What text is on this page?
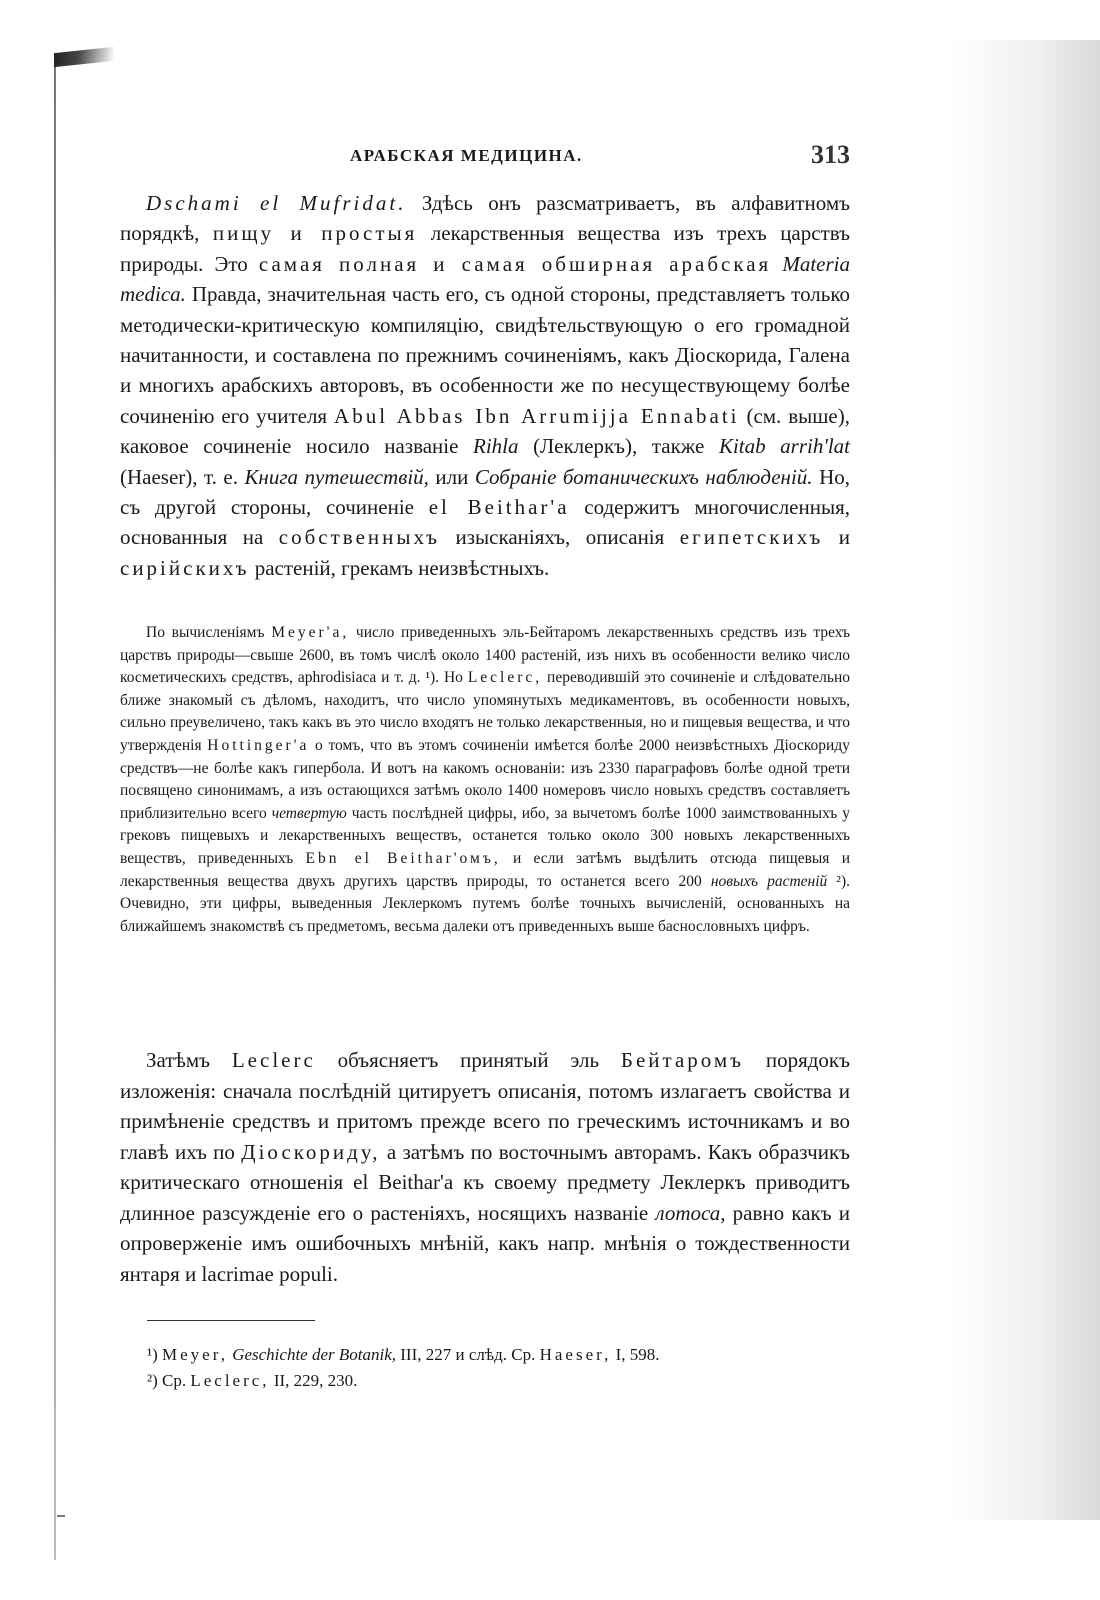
АРАБСКАЯ МЕДИЦИНА.	313

Dschami el Mufridat. Здѣсь онъ разсматриваетъ, въ алфавитномъ порядкѣ, пищу и простыя лекарственныя вещества изъ трехъ царствъ природы. Это самая полная и самая обширная арабская Materia medica. Правда, значительная часть его, съ одной стороны, представляетъ только методически-критическую компиляцію, свидѣтельствующую о его громадной начитанности, и составлена по прежнимъ сочиненіямъ, какъ Діоскорида, Галена и многихъ арабскихъ авторовъ, въ особенности же по несуществующему болѣе сочиненію его учителя Abul Abbas Ibn Arrumijja Ennabati (см. выше), каковое сочиненіе носило названіе Rihla (Леклеркъ), также Kitab arrih'lat (Haeser), т. е. Книга путешествій, или Собраніе ботаническихъ наблюденій. Но, съ другой стороны, сочиненіе el Beithar'a содержитъ многочисленныя, основанныя на собственныхъ изысканіяхъ, описанія египетскихъ и сирійскихъ растеній, грекамъ неизвѣстныхъ.

По вычисленіямъ Meyer'а, число приведенныхъ эль-Бейтаромъ лекарственныхъ средствъ изъ трехъ царствъ природы—свыше 2600, въ томъ числѣ около 1400 растеній, изъ нихъ въ особенности велико число косметическихъ средствъ, aphrodisiaca и т. д. ¹). Но Leclerc, переводившій это сочиненіе и слѣдовательно ближе знакомый съ дѣломъ, находитъ, что число упомянутыхъ медикаментовъ, въ особенности новыхъ, сильно преувеличено, такъ какъ въ это число входятъ не только лекарственныя, но и пищевыя вещества, и что утвержденія Hottinger'а о томъ, что въ этомъ сочиненіи имѣется болѣе 2000 неизвѣстныхъ Діоскориду средствъ—не болѣе какъ гипербола. И вотъ на какомъ основаніи: изъ 2330 параграфовъ болѣе одной трети посвящено синонимамъ, а изъ остающихся затѣмъ около 1400 номеровъ число новыхъ средствъ составляетъ приблизительно всего четвертую часть послѣдней цифры, ибо, за вычетомъ болѣе 1000 заимствованныхъ у грековъ пищевыхъ и лекарственныхъ веществъ, останется только около 300 новыхъ лекарственныхъ веществъ, приведенныхъ Ebn el Beithar'омъ, и если затѣмъ выдѣлить отсюда пищевыя и лекарственныя вещества двухъ другихъ царствъ природы, то останется всего 200 новыхъ растеній ²). Очевидно, эти цифры, выведенныя Леклеркомъ путемъ болѣе точныхъ вычисленій, основанныхъ на ближайшемъ знакомствѣ съ предметомъ, весьма далеки отъ приведенныхъ выше баснословныхъ цифръ.

Затѣмъ Leclerc объясняетъ принятый эль Бейтаромъ порядокъ изложенія: сначала послѣдній цитируетъ описанія, потомъ излагаетъ свойства и примѣненіе средствъ и притомъ прежде всего по греческимъ источникамъ и во главѣ ихъ по Діоскориду, а затѣмъ по восточнымъ авторамъ. Какъ образчикъ критическаго отношенія el Beithar'а къ своему предмету Леклеркъ приводитъ длинное разсужденіе его о растеніяхъ, носящихъ названіе лотоса, равно какъ и опроверженіе имъ ошибочныхъ мнѣній, какъ напр. мнѣнія о тождественности янтаря и lacrimae populi.

¹) Meyer, Geschichte der Botanik, III, 227 и слѣд. Ср. Haeser, I, 598.
²) Ср. Leclerc, II, 229, 230.
